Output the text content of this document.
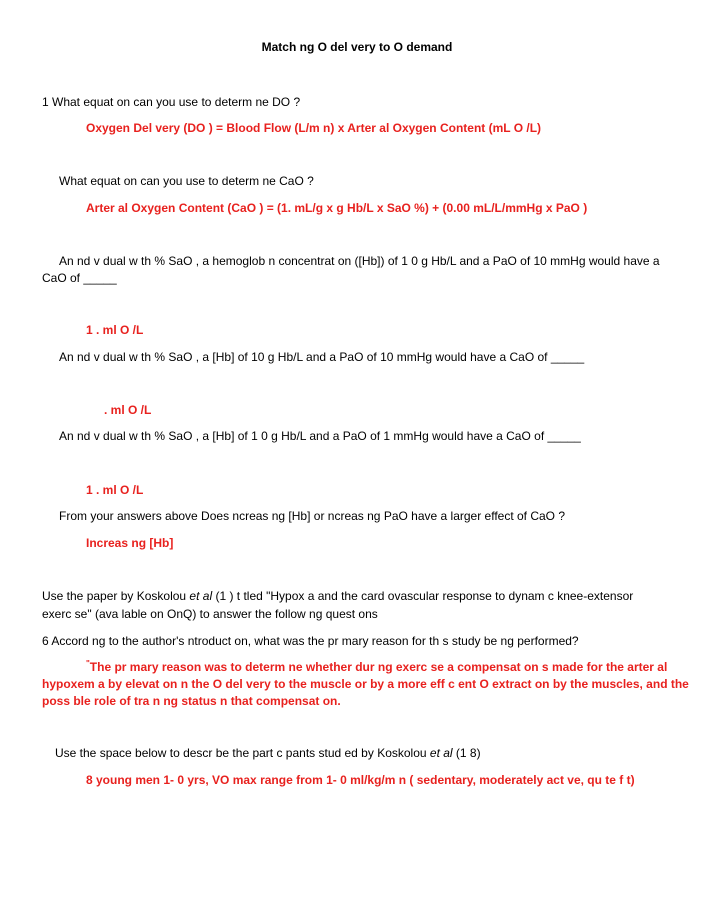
Match ng O del very to O demand
1 What equat on can you use to determ ne DO ?
Oxygen Del very (DO ) = Blood Flow (L/m n) x Arter al Oxygen Content (mL O /L)
What equat on can you use to determ ne CaO ?
Arter al Oxygen Content (CaO ) = (1. mL/g x g Hb/L x SaO %) + (0.00 mL/L/mmHg x PaO )
An nd v dual w th % SaO , a hemoglob n concentrat on ([Hb]) of 1 0 g Hb/L and a PaO of 10 mmHg would have a
CaO of _____
1 . ml O /L
An nd v dual w th % SaO , a [Hb] of 10 g Hb/L and a PaO of 10 mmHg would have a CaO of _____
. ml O /L
An nd v dual w th % SaO , a [Hb] of 1 0 g Hb/L and a PaO of 1 mmHg would have a CaO of _____
1 . ml O /L
From your answers above Does ncreas ng [Hb] or ncreas ng PaO have a larger effect of CaO ?
Increas ng [Hb]
Use the paper by Koskolou et al (1 ) t tled "Hypox a and the card ovascular response to dynam c knee-extensor
exerc se" (ava lable on OnQ) to answer the follow ng quest ons
6 Accord ng to the author's ntroduct on, what was the pr mary reason for th s study be ng performed?
"The pr mary reason was to determ ne whether dur ng exerc se a compensat on s made for the arter al
hypoxem a by elevat on n the O del very to the muscle or by a more eff c ent O extract on by the muscles, and the
poss ble role of tra n ng status n that compensat on.
Use the space below to descr be the part c pants stud ed by Koskolou et al (1 8)
8 young men 1- 0 yrs, VO max range from 1- 0 ml/kg/m n ( sedentary, moderately act ve, qu te f t)
